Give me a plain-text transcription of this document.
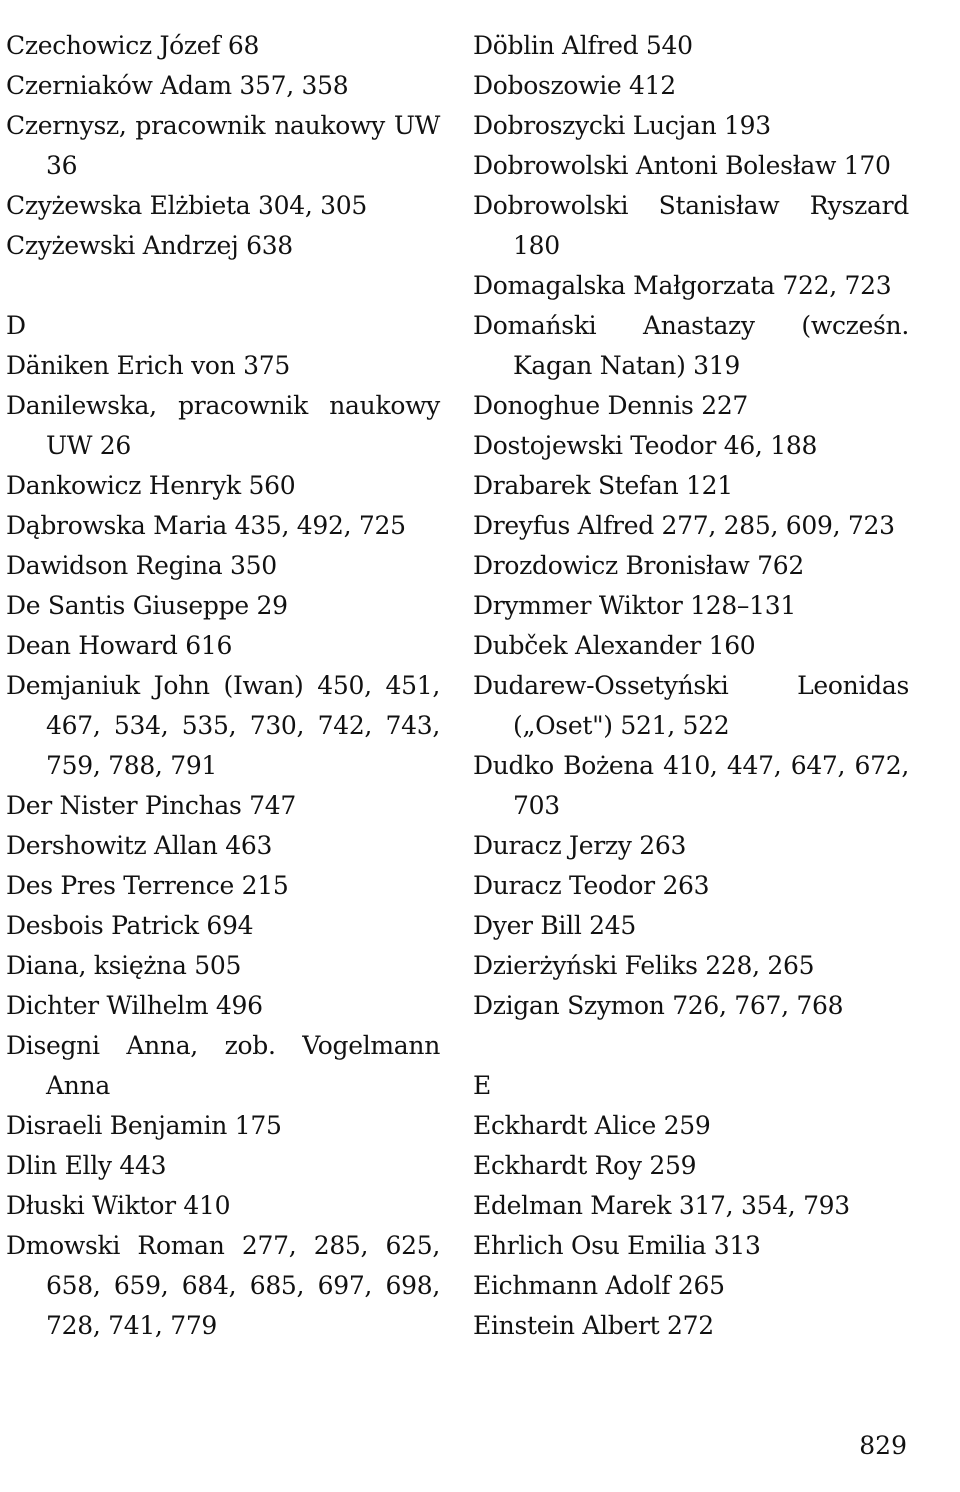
Czechowicz Józef 68

Czerniaków Adam 357, 358

Czernysz, pracownik naukowy UW 36

Czyżewska Elżbieta 304, 305

Czyżewski Andrzej 638

D

Däniken Erich von 375

Danilewska, pracownik naukowy UW 26

Dankowicz Henryk 560

Dąbrowska Maria 435, 492, 725

Dawidson Regina 350

De Santis Giuseppe 29

Dean Howard 616

Demjaniuk John (Iwan) 450, 451, 467, 534, 535, 730, 742, 743, 759, 788, 791

Der Nister Pinchas 747

Dershowitz Allan 463

Des Pres Terrence 215

Desbois Patrick 694

Diana, księżna 505

Dichter Wilhelm 496

Disegni Anna, zob. Vogelmann Anna

Disraeli Benjamin 175

Dlin Elly 443

Dłuski Wiktor 410

Dmowski Roman 277, 285, 625, 658, 659, 684, 685, 697, 698, 728, 741, 779

Döblin Alfred 540

Doboszowie 412

Dobroszycki Lucjan 193

Dobrowolski Antoni Bolesław 170

Dobrowolski Stanisław Ryszard 180

Domagalska Małgorzata 722, 723

Domański Anastazy (wcześn. Kagan Natan) 319

Donoghue Dennis 227

Dostojewski Teodor 46, 188

Drabarek Stefan 121

Dreyfus Alfred 277, 285, 609, 723

Drozdowicz Bronisław 762

Drymmer Wiktor 128–131

Dubček Alexander 160

Dudarew-Ossetyński Leonidas („Oset") 521, 522

Dudko Bożena 410, 447, 647, 672, 703

Duracz Jerzy 263

Duracz Teodor 263

Dyer Bill 245

Dzierżyński Feliks 228, 265

Dzigan Szymon 726, 767, 768

E

Eckhardt Alice 259

Eckhardt Roy 259

Edelman Marek 317, 354, 793

Ehrlich Osu Emilia 313

Eichmann Adolf 265

Einstein Albert 272

829
